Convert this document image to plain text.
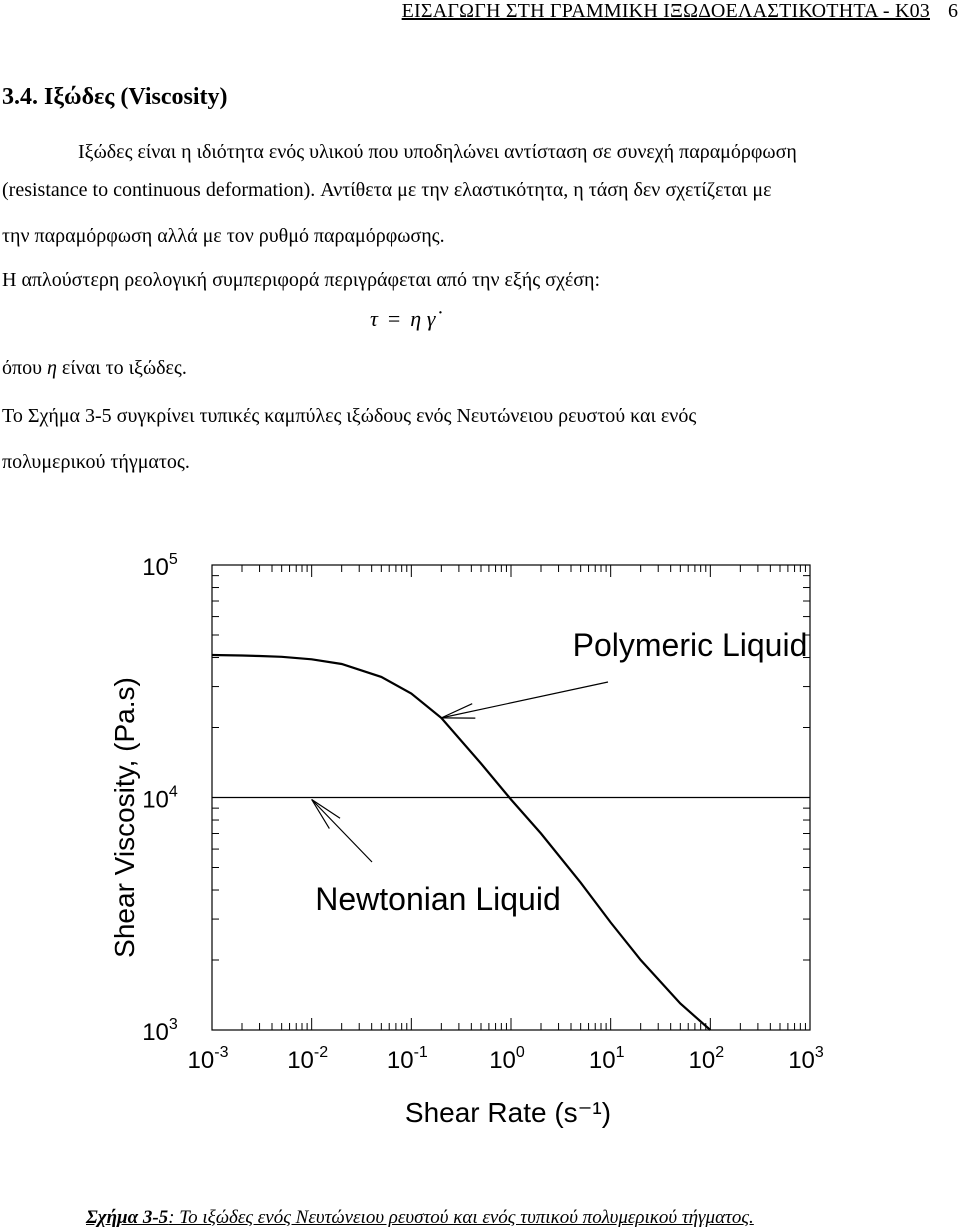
ΕΙΣΑΓΩΓΗ ΣΤΗ ΓΡΑΜΜΙΚΗ ΙΞΩΔΟΕΛΑΣΤΙΚΟΤΗΤΑ - Κ03 6
3.4. Ιξώδες (Viscosity)
Ιξώδες είναι η ιδιότητα ενός υλικού που υποδηλώνει αντίσταση σε συνεχή παραμόρφωση
(resistance to continuous deformation). Αντίθετα με την ελαστικότητα, η τάση δεν σχετίζεται με
την παραμόρφωση αλλά με τον ρυθμό παραμόρφωσης.
Η απλούστερη ρεολογική συμπεριφορά περιγράφεται από την εξής σχέση:
τ = η γ̇
όπου η είναι το ιξώδες.
Το Σχήμα 3-5 συγκρίνει τυπικές καμπύλες ιξώδους ενός Νευτώνειου ρευστού και ενός
πολυμερικού τήγματος.
$10^{-3}$ $10^{-2}$ $10^{-1}$	$10^0$	$10^1$	$10^2$	$10^3$
$10^3$
$10^4$
$10^5$
Polymeric Liquid
Newtonian Liquid
Shear Rate (s⁻¹)
Shear Viscosity, (Pa.s)
Σχήμα 3-5: Το ιξώδες ενός Νευτώνειου ρευστού και ενός τυπικού πολυμερικού τήγματος.
